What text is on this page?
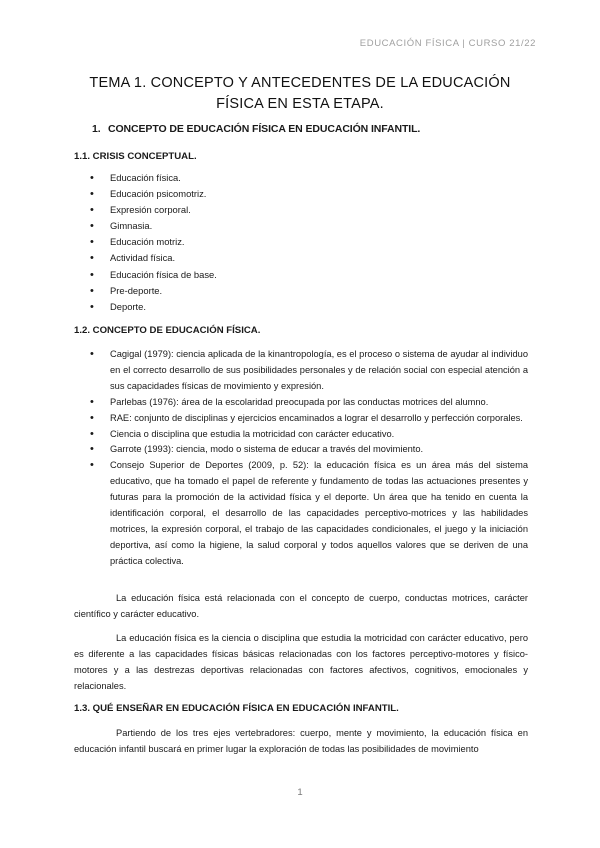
EDUCACIÓN FÍSICA | CURSO 21/22
TEMA 1. CONCEPTO Y ANTECEDENTES DE LA EDUCACIÓN
FÍSICA EN ESTA ETAPA.
1. CONCEPTO DE EDUCACIÓN FÍSICA EN EDUCACIÓN INFANTIL.
1.1. CRISIS CONCEPTUAL.
• Educación física.
• Educación psicomotriz.
• Expresión corporal.
• Gimnasia.
• Educación motriz.
• Actividad física.
• Educación física de base.
• Pre-deporte.
• Deporte.
1.2. CONCEPTO DE EDUCACIÓN FÍSICA.
• Cagigal (1979): ciencia aplicada de la kinantropología, es el proceso o sistema de ayudar al individuo en el correcto desarrollo de sus posibilidades personales y de relación social con especial atención a sus capacidades físicas de movimiento y expresión.
• Parlebas (1976): área de la escolaridad preocupada por las conductas motrices del alumno.
• RAE: conjunto de disciplinas y ejercicios encaminados a lograr el desarrollo y perfección corporales.
• Ciencia o disciplina que estudia la motricidad con carácter educativo.
• Garrote (1993): ciencia, modo o sistema de educar a través del movimiento.
• Consejo Superior de Deportes (2009, p. 52): la educación física es un área más del sistema educativo, que ha tomado el papel de referente y fundamento de todas las actuaciones presentes y futuras para la promoción de la actividad física y el deporte. Un área que ha tenido en cuenta la identificación corporal, el desarrollo de las capacidades perceptivo-motrices y las habilidades motrices, la expresión corporal, el trabajo de las capacidades condicionales, el juego y la iniciación deportiva, así como la higiene, la salud corporal y todos aquellos valores que se deriven de una práctica colectiva.

La educación física está relacionada con el concepto de cuerpo, conductas motrices, carácter científico y carácter educativo.

La educación física es la ciencia o disciplina que estudia la motricidad con carácter educativo, pero es diferente a las capacidades físicas básicas relacionadas con los factores perceptivo-motores y físico-motores y a las destrezas deportivas relacionadas con factores afectivos, cognitivos, emocionales y relacionales.

1.3. QUÉ ENSEÑAR EN EDUCACIÓN FÍSICA EN EDUCACIÓN INFANTIL.

Partiendo de los tres ejes vertebradores: cuerpo, mente y movimiento, la educación física en educación infantil buscará en primer lugar la exploración de todas las posibilidades de movimiento

1
